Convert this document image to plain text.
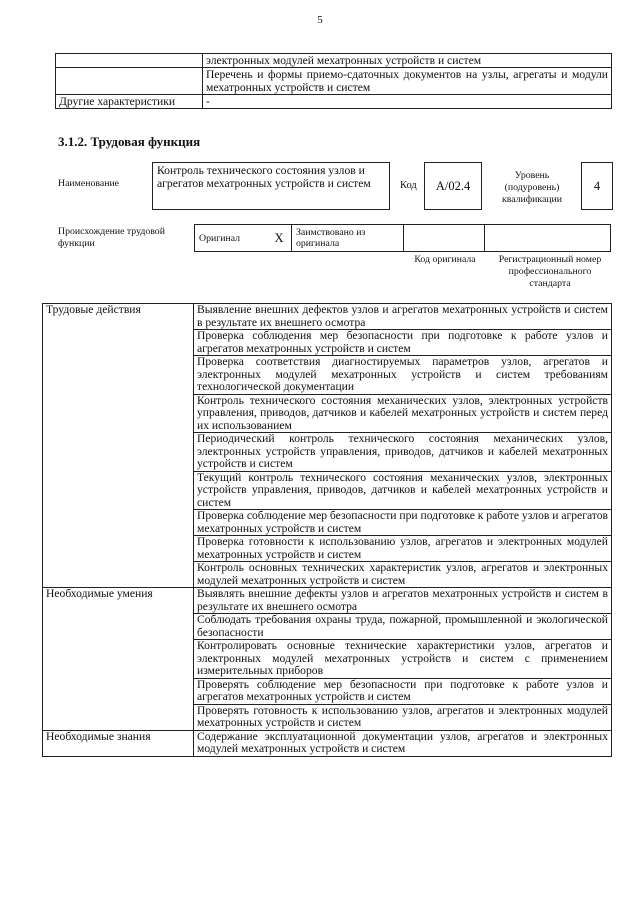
5
	электронных модулей мехатронных устройств и систем
	Перечень и формы приемо-сдаточных документов на узлы, агрегаты и модули мехатронных устройств и систем
Другие характеристики	-
3.1.2. Трудовая функция
Наименование
Контроль технического состояния узлов и агрегатов мехатронных устройств и систем	Код	A/02.4
Уровень (подуровень) квалификации
4
Происхождение трудовой функции	Оригинал	X	Заимствовано из оригинала		
Код оригинала	Регистрационный номер профессионального стандарта
Трудовые действия	Выявление внешних дефектов узлов и агрегатов мехатронных устройств и систем в результате их внешнего осмотра
	Проверка соблюдения мер безопасности при подготовке к работе узлов и агрегатов мехатронных устройств и систем
	Проверка соответствия диагностируемых параметров узлов, агрегатов и электронных модулей мехатронных устройств и систем требованиям технологической документации
	Контроль технического состояния механических узлов, электронных устройств управления, приводов, датчиков и кабелей мехатронных устройств и систем перед их использованием
	Периодический контроль технического состояния механических узлов, электронных устройств управления, приводов, датчиков и кабелей мехатронных устройств и систем
	Текущий контроль технического состояния механических узлов, электронных устройств управления, приводов, датчиков и кабелей мехатронных устройств и систем
	Проверка соблюдение мер безопасности при подготовке к работе узлов и агрегатов мехатронных устройств и систем
	Проверка готовности к использованию узлов, агрегатов и электронных модулей мехатронных устройств и систем
	Контроль основных технических характеристик узлов, агрегатов и электронных модулей мехатронных устройств и систем
Необходимые умения	Выявлять внешние дефекты узлов и агрегатов мехатронных устройств и систем в результате их внешнего осмотра
	Соблюдать требования охраны труда, пожарной, промышленной и экологической безопасности
	Контролировать основные технические характеристики узлов, агрегатов и электронных модулей мехатронных устройств и систем с применением измерительных приборов
	Проверять соблюдение мер безопасности при подготовке к работе узлов и агрегатов мехатронных устройств и систем
	Проверять готовность к использованию узлов, агрегатов и электронных модулей мехатронных устройств и систем
Необходимые знания	Содержание эксплуатационной документации узлов, агрегатов и электронных модулей мехатронных устройств и систем
